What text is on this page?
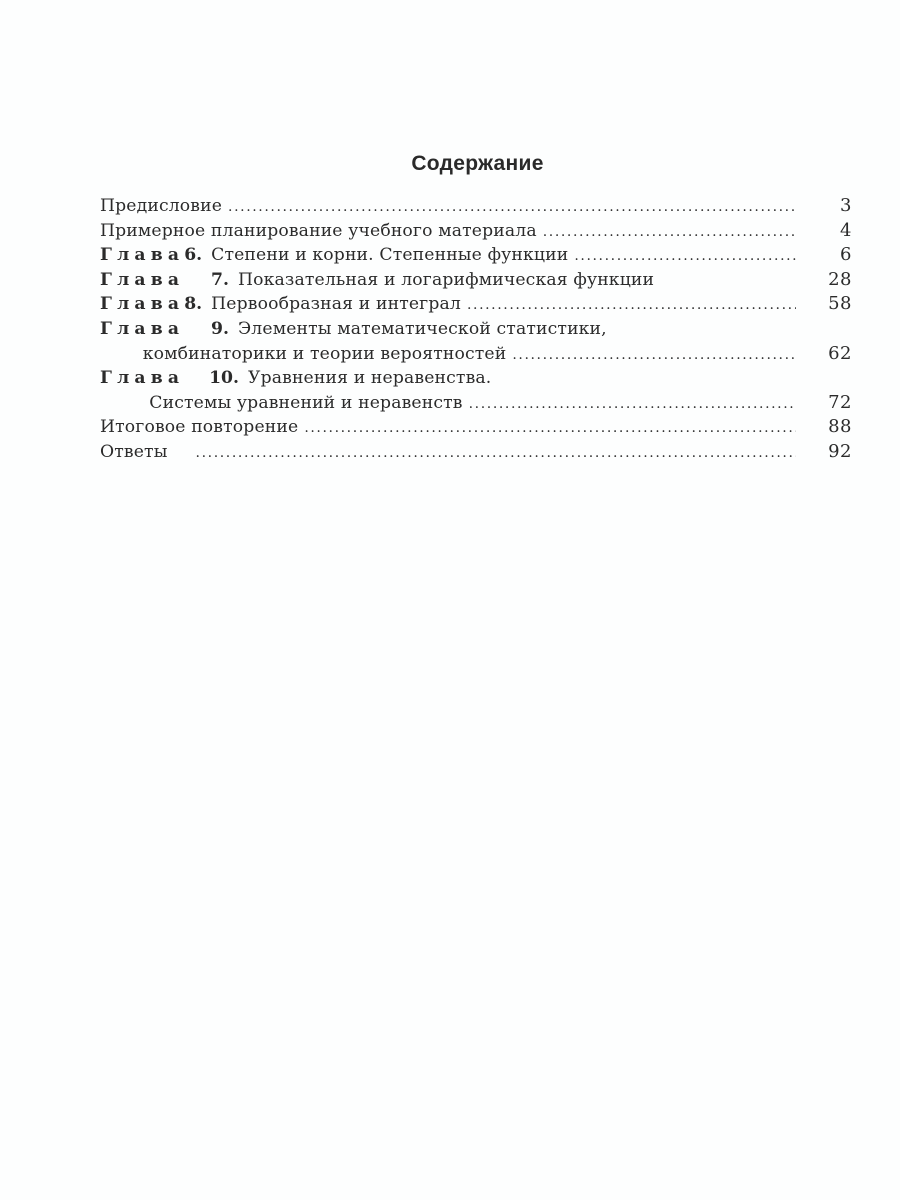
Содержание
Предисловие .....	3
Примерное планирование учебного материала .....	4
Глава 6. Степени и корни. Степенные функции .....	6
Глава	7. Показательная и логарифмическая функции	28
Глава 8. Первообразная и интеграл .....	58
Глава	9. Элементы математической статистики,
комбинаторики и теории вероятностей .....	62
Глава	10. Уравнения и неравенства.
Системы уравнений и неравенств .....	72
Итоговое повторение .....	88
Ответы .....	92
